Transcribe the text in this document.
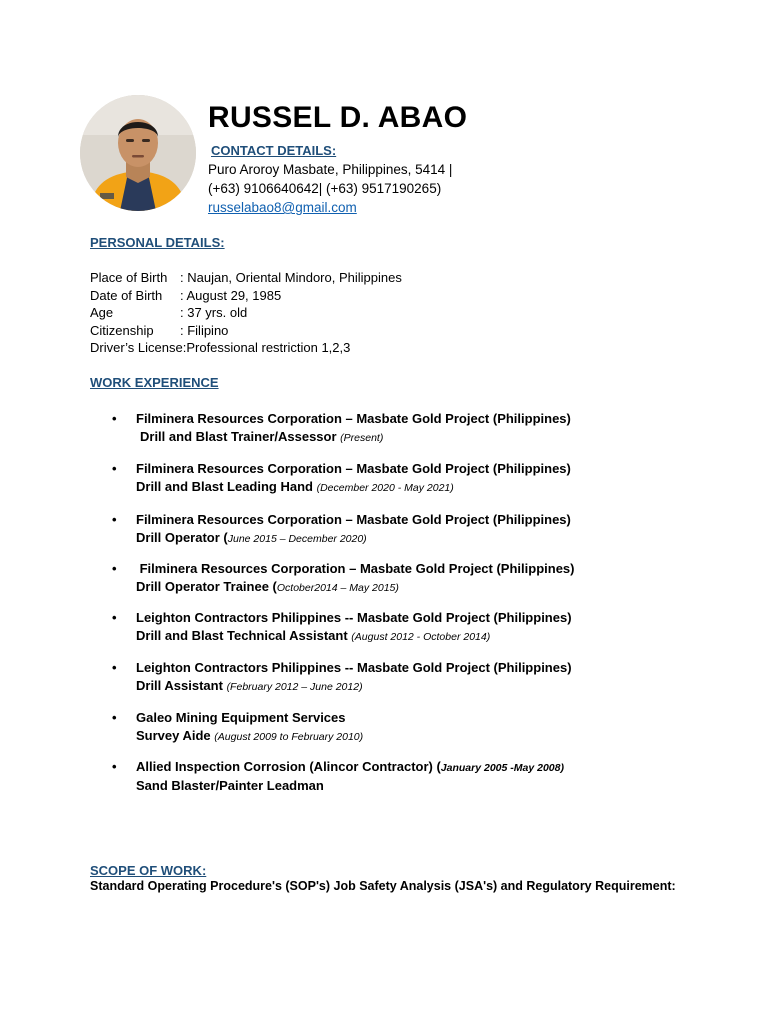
RUSSEL D. ABAO
CONTACT DETAILS:
Puro Aroroy Masbate, Philippines, 5414 |
(+63) 9106640642| (+63) 9517190265)
russelabao8@gmail.com
PERSONAL DETAILS:
Place of Birth : Naujan, Oriental Mindoro, Philippines
Date of Birth	: August 29, 1985
Age	: 37 yrs. old
Citizenship	: Filipino
Driver’s License: Professional restriction 1,2,3
WORK EXPERIENCE
• Filminera Resources Corporation – Masbate Gold Project (Philippines)
Drill and Blast Trainer/Assessor (Present)
• Filminera Resources Corporation – Masbate Gold Project (Philippines)
Drill and Blast Leading Hand (December 2020 - May 2021)
• Filminera Resources Corporation – Masbate Gold Project (Philippines)
Drill Operator (June 2015 – December 2020)
• Filminera Resources Corporation – Masbate Gold Project (Philippines)
Drill Operator Trainee (October2014 – May 2015)
• Leighton Contractors Philippines -- Masbate Gold Project (Philippines)
Drill and Blast Technical Assistant (August 2012 - October 2014)
• Leighton Contractors Philippines -- Masbate Gold Project (Philippines)
Drill Assistant (February 2012 – June 2012)
• Galeo Mining Equipment Services
Survey Aide (August 2009 to February 2010)
• Allied Inspection Corrosion (Alincor Contractor) (January 2005 -May 2008)
Sand Blaster/Painter Leadman
SCOPE OF WORK:
Standard Operating Procedure's (SOP's) Job Safety Analysis (JSA's) and Regulatory Requirement:
